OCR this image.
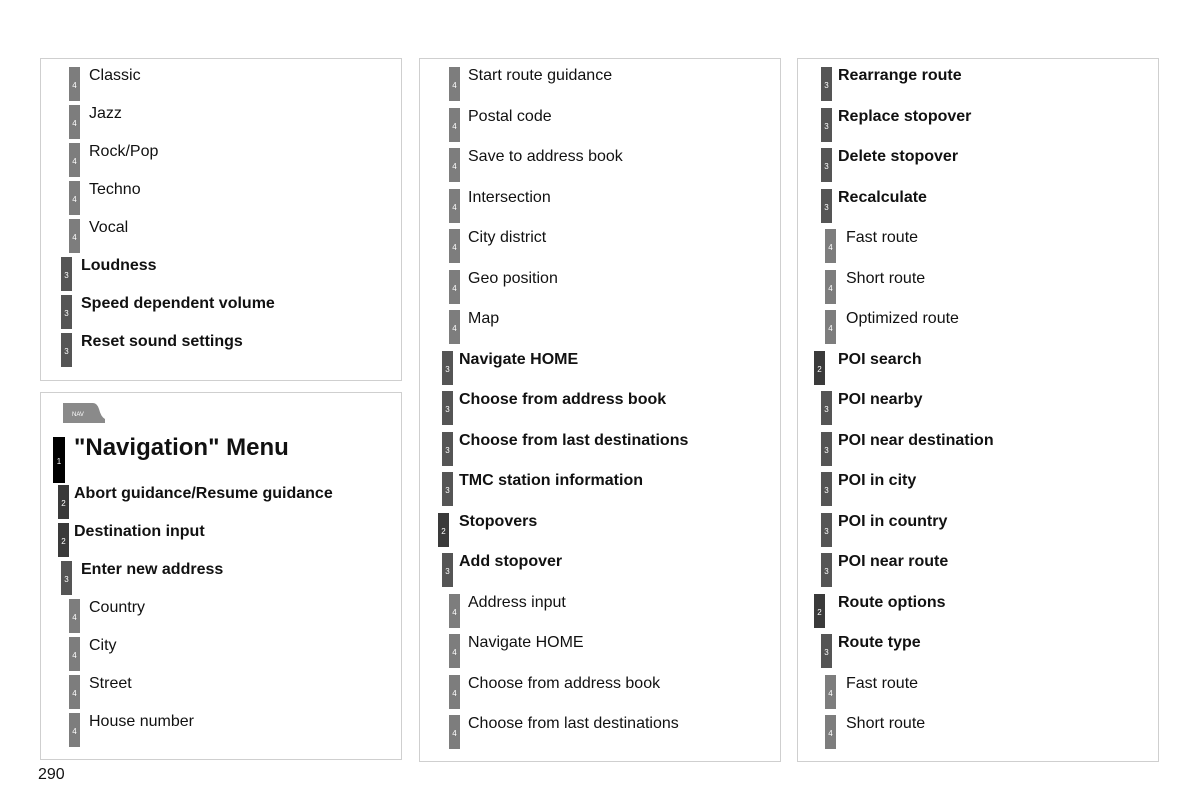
4
Classic
4
Jazz
4
Rock/Pop
4
Techno
4
Vocal
3
Loudness
3
Speed dependent volume
3
Reset sound settings
NAV
1
"Navigation" Menu
2
Abort guidance/Resume guidance
2
Destination input
3
Enter new address
4
Country
4
City
4
Street
4
House number
4
Start route guidance
4
Postal code
4
Save to address book
4
Intersection
4
City district
4
Geo position
4
Map
3
Navigate HOME
3
Choose from address book
3
Choose from last destinations
3
TMC station information
2
Stopovers
3
Add stopover
4
Address input
4
Navigate HOME
4
Choose from address book
4
Choose from last destinations
3
Rearrange route
3
Replace stopover
3
Delete stopover
3
Recalculate
4
Fast route
4
Short route
4
Optimized route
2
POI search
3
POI nearby
3
POI near destination
3
POI in city
3
POI in country
3
POI near route
2
Route options
3
Route type
4
Fast route
4
Short route
290
